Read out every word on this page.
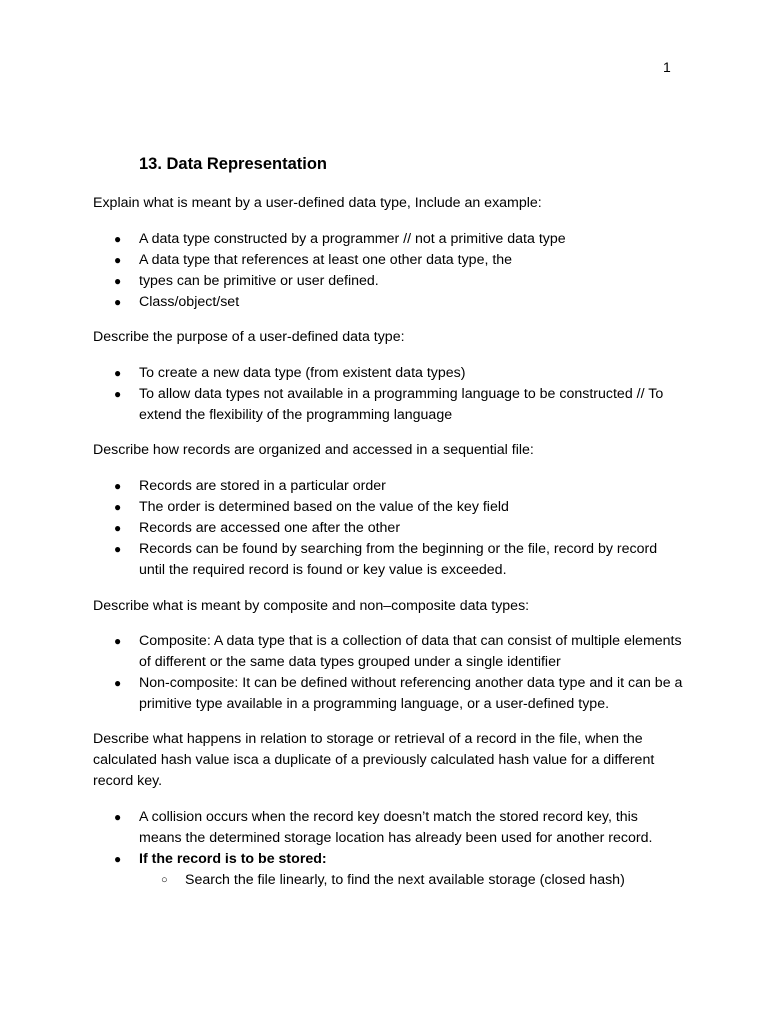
1
13. Data Representation

Explain what is meant by a user-defined data type, Include an example:

● A data type constructed by a programmer // not a primitive data type
● A data type that references at least one other data type, the
● types can be primitive or user defined.
● Class/object/set

Describe the purpose of a user-defined data type:

● To create a new data type (from existent data types)
● To allow data types not available in a programming language to be constructed // To extend the flexibility of the programming language

Describe how records are organized and accessed in a sequential file:

● Records are stored in a particular order
● The order is determined based on the value of the key field
● Records are accessed one after the other
● Records can be found by searching from the beginning or the file, record by record until the required record is found or key value is exceeded.

Describe what is meant by composite and non–composite data types:

● Composite: A data type that is a collection of data that can consist of multiple elements of different or the same data types grouped under a single identifier
● Non-composite: It can be defined without referencing another data type and it can be a primitive type available in a programming language, or a user-defined type.

Describe what happens in relation to storage or retrieval of a record in the file, when the calculated hash value isca a duplicate of a previously calculated hash value for a different record key.

● A collision occurs when the record key doesn’t match the stored record key, this means the determined storage location has already been used for another record.
● If the record is to be stored:
○ Search the file linearly, to find the next available storage (closed hash)
